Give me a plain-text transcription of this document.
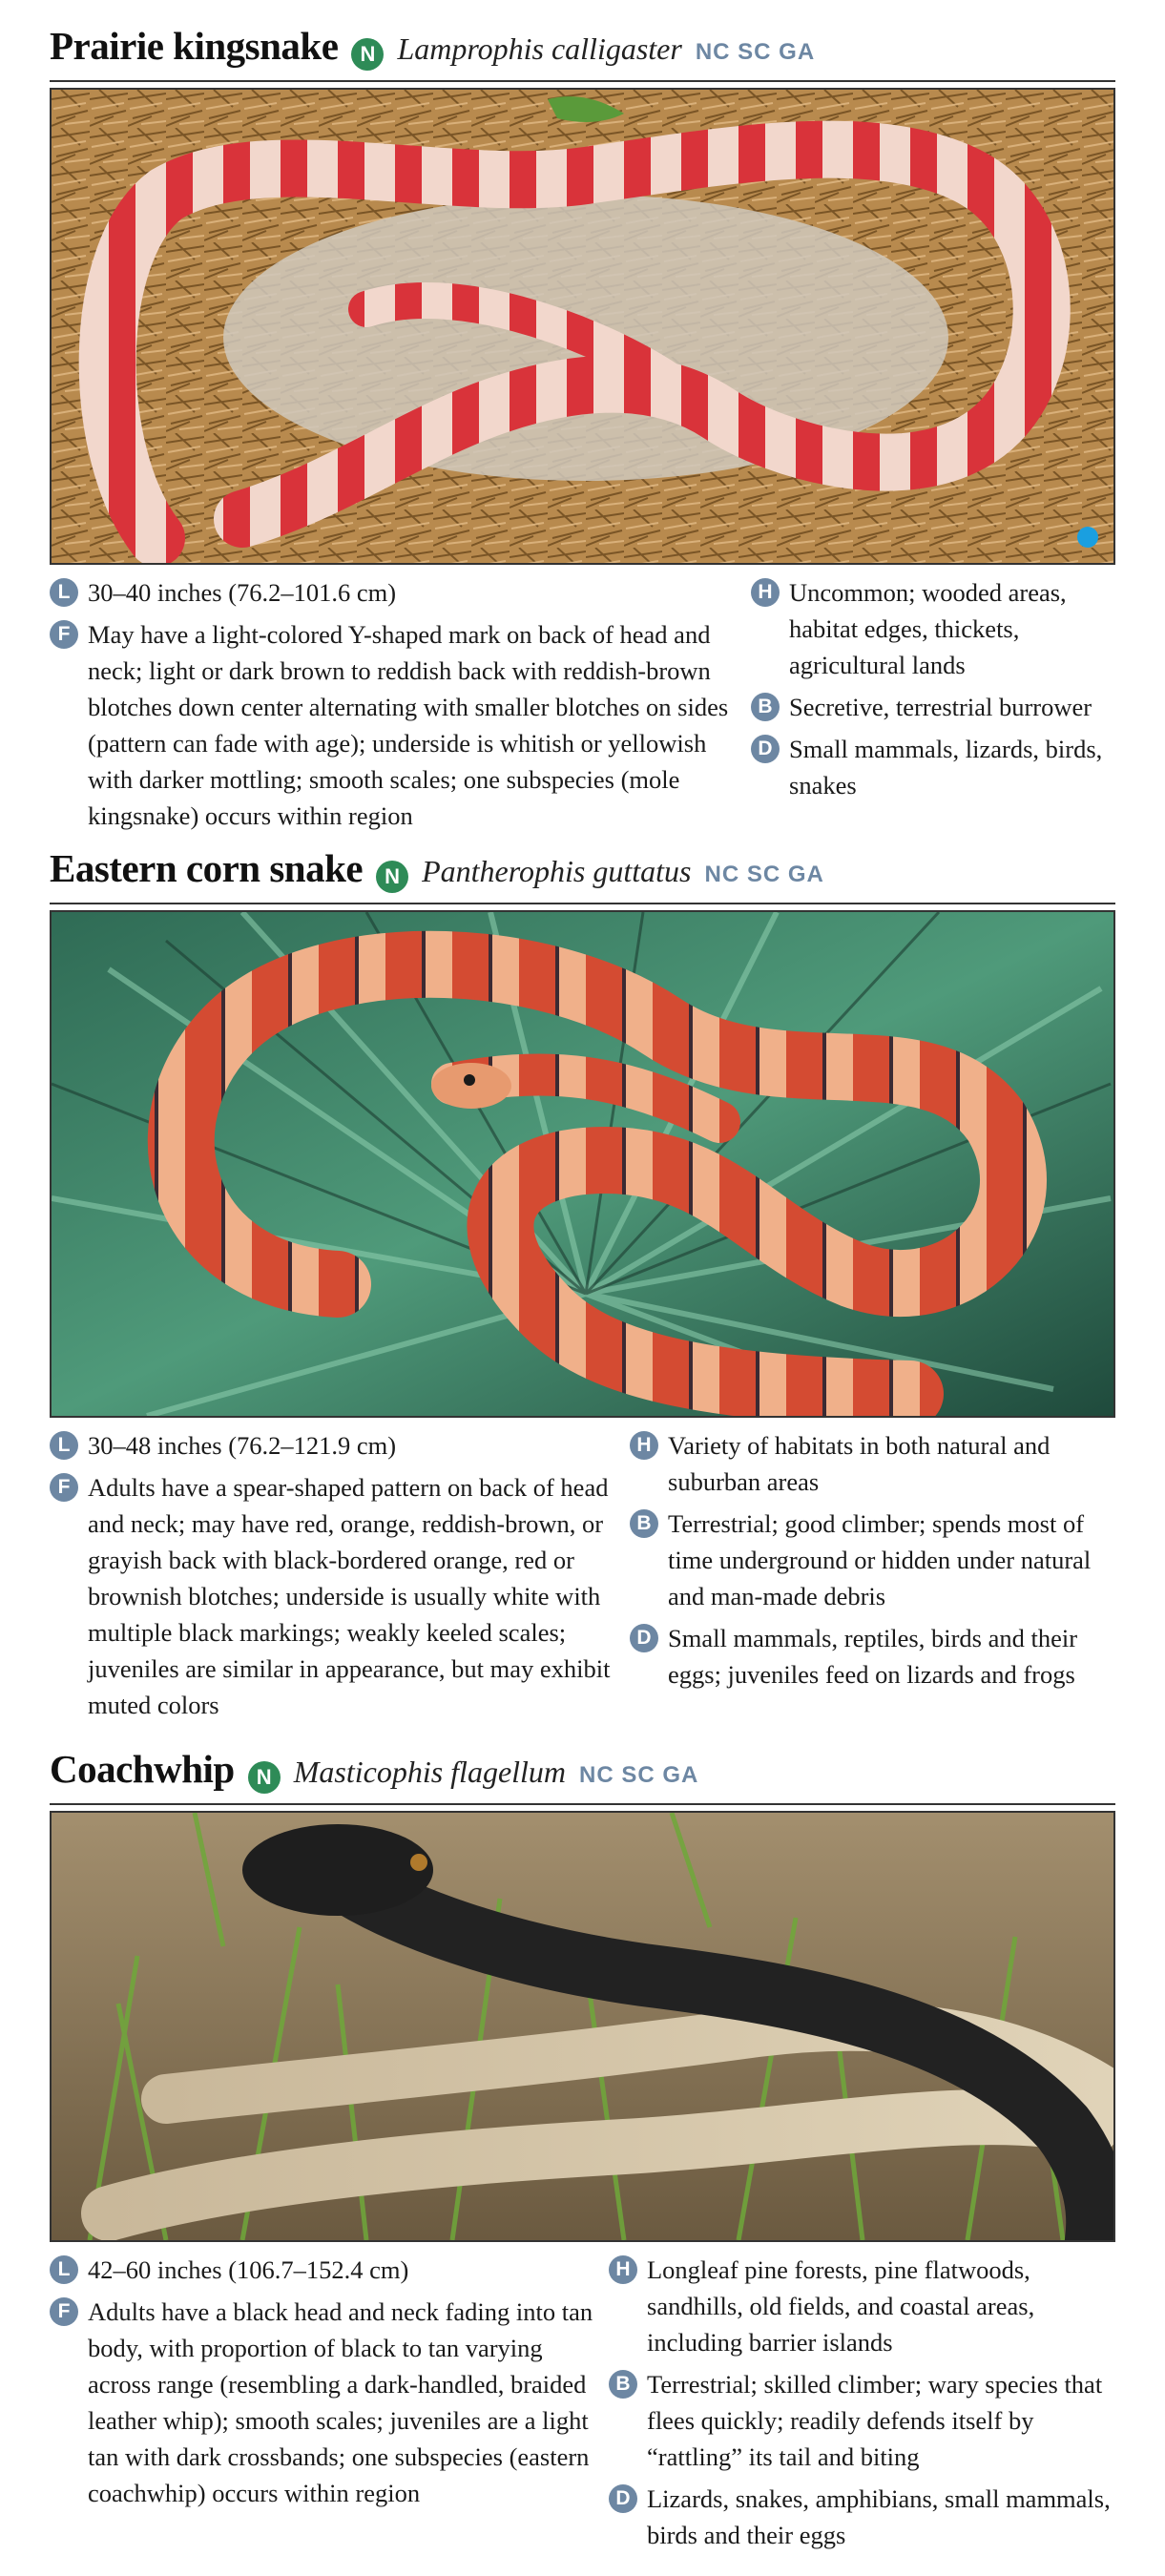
Prairie kingsnake	N Lamprophis calligaster NC SC GA
L 30–40 inches (76.2–101.6 cm)
F May have a light-colored Y-shaped mark on back of head and neck; light or dark brown to reddish back with reddish-brown blotches down center alternating with smaller blotches on sides (pattern can fade with age); underside is whitish or yellowish with darker mottling; smooth scales; one subspecies (mole kingsnake) occurs within region
H Uncommon; wooded areas, habitat edges, thickets, agricultural lands
B Secretive, terrestrial burrower
D Small mammals, lizards, birds, snakes
Eastern corn snake	N Pantherophis guttatus NC SC GA
L 30–48 inches (76.2–121.9 cm)
F Adults have a spear-shaped pattern on back of head and neck; may have red, orange, reddish-brown, or grayish back with black-bordered orange, red or brownish blotches; underside is usually white with multiple black markings; weakly keeled scales; juveniles are similar in appearance, but may exhibit muted colors
H Variety of habitats in both natural and suburban areas
B Terrestrial; good climber; spends most of time underground or hidden under natural and man-made debris
D Small mammals, reptiles, birds and their eggs; juveniles feed on lizards and frogs
Coachwhip	N Masticophis flagellum NC SC GA
L 42–60 inches (106.7–152.4 cm)
F Adults have a black head and neck fading into tan body, with proportion of black to tan varying across range (resembling a dark-handled, braided leather whip); smooth scales; juveniles are a light tan with dark crossbands; one subspecies (eastern coachwhip) occurs within region
H Longleaf pine forests, pine flatwoods, sandhills, old fields, and coastal areas, including barrier islands
B Terrestrial; skilled climber; wary species that flees quickly; readily defends itself by “rattling” its tail and biting
D Lizards, snakes, amphibians, small mammals, birds and their eggs
